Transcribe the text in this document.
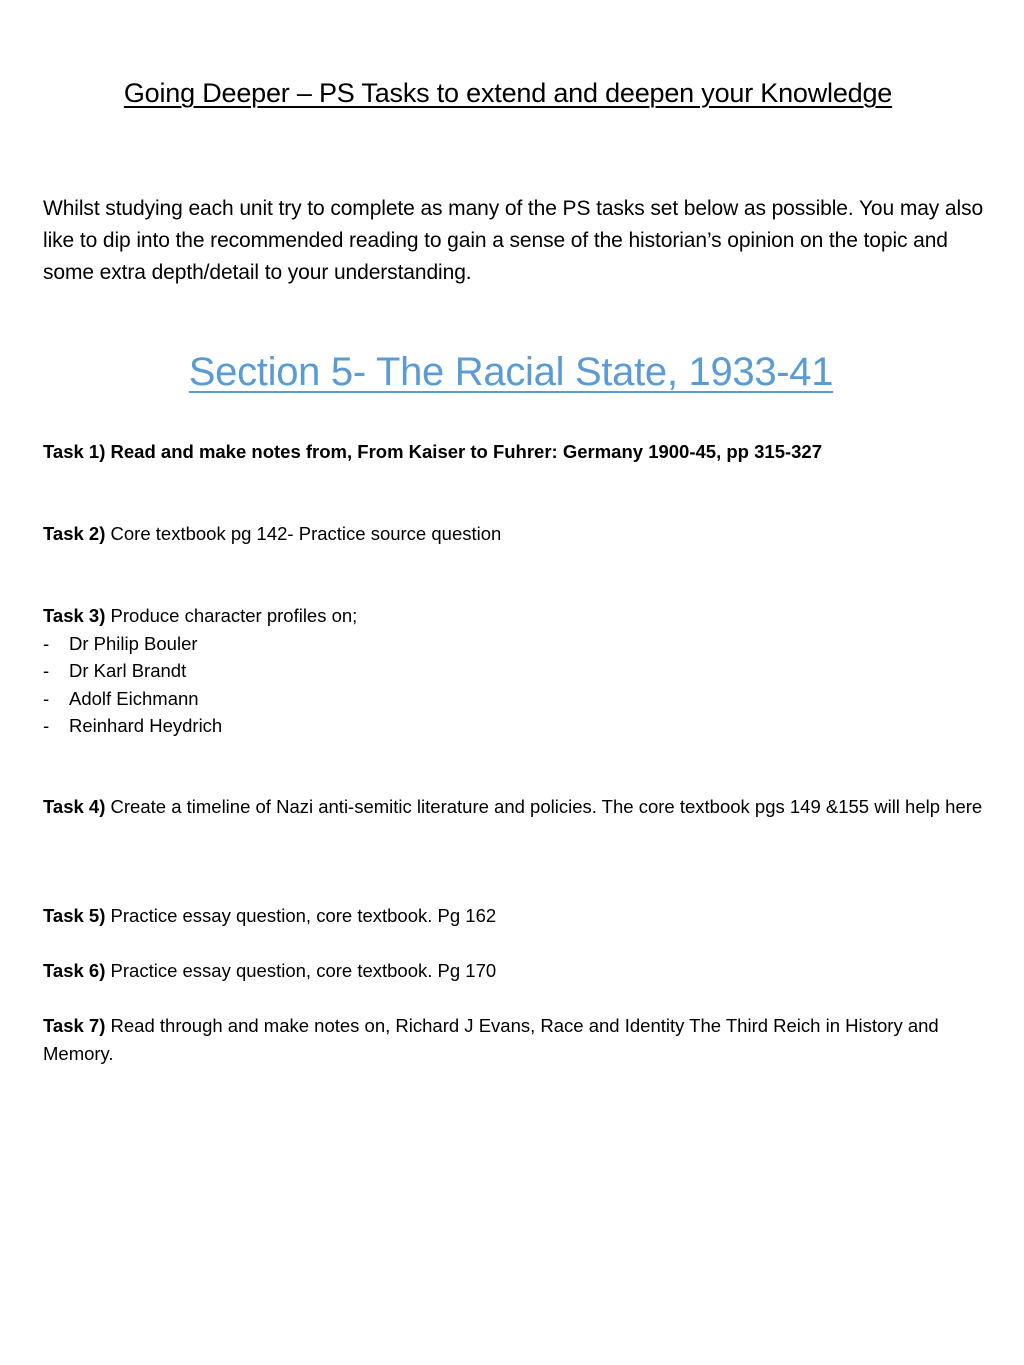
Going Deeper – PS Tasks to extend and deepen your Knowledge
Whilst studying each unit try to complete as many of the PS tasks set below as possible. You may also like to dip into the recommended reading to gain a sense of the historian’s opinion on the topic and some extra depth/detail to your understanding.
Section 5- The Racial State, 1933-41
Task 1) Read and make notes from, From Kaiser to Fuhrer: Germany 1900-45, pp 315-327
Task 2) Core textbook pg 142- Practice source question
Task 3) Produce character profiles on;
- Dr Philip Bouler
- Dr Karl Brandt
- Adolf Eichmann
- Reinhard Heydrich
Task 4) Create a timeline of Nazi anti-semitic literature and policies. The core textbook pgs 149 &155 will help here
Task 5) Practice essay question, core textbook. Pg 162
Task 6) Practice essay question, core textbook. Pg 170
Task 7) Read through and make notes on, Richard J Evans, Race and Identity The Third Reich in History and Memory.
